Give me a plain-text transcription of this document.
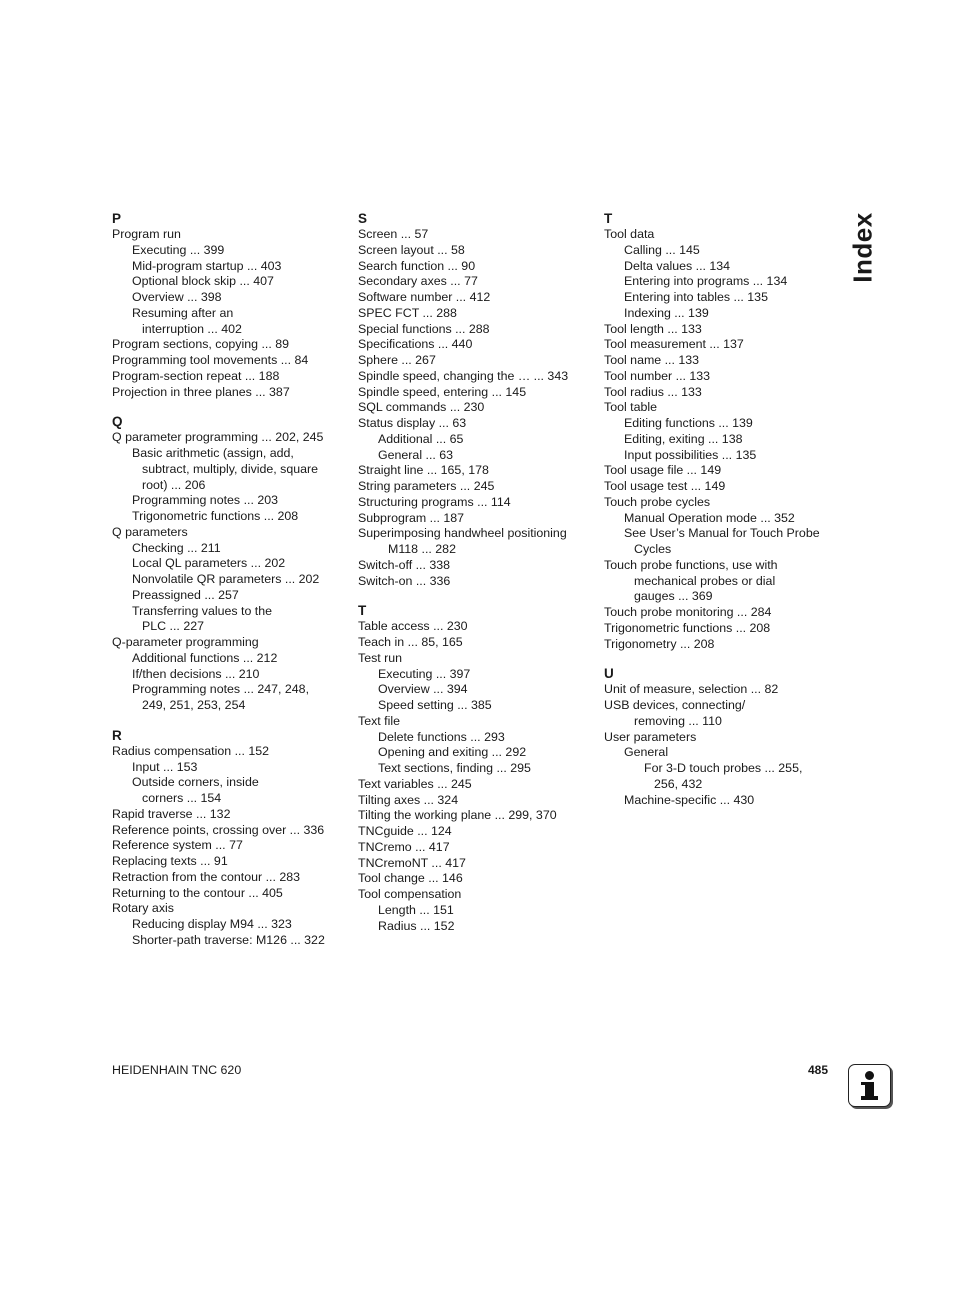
P
Program run
Executing ... 399
Mid-program startup ... 403
Optional block skip ... 407
Overview ... 398
Resuming after an
interruption ... 402
Program sections, copying ... 89
Programming tool movements ... 84
Program-section repeat ... 188
Projection in three planes ... 387
Q
Q parameter programming ... 202, 245
Basic arithmetic (assign, add,
subtract, multiply, divide, square
root) ... 206
Programming notes ... 203
Trigonometric functions ... 208
Q parameters
Checking ... 211
Local QL parameters ... 202
Nonvolatile QR parameters ... 202
Preassigned ... 257
Transferring values to the
PLC ... 227
Q-parameter programming
Additional functions ... 212
If/then decisions ... 210
Programming notes ... 247, 248,
249, 251, 253, 254
R
Radius compensation ... 152
Input ... 153
Outside corners, inside
corners ... 154
Rapid traverse ... 132
Reference points, crossing over ... 336
Reference system ... 77
Replacing texts ... 91
Retraction from the contour ... 283
Returning to the contour ... 405
Rotary axis
Reducing display M94 ... 323
Shorter-path traverse: M126 ... 322
S
Screen ... 57
Screen layout ... 58
Search function ... 90
Secondary axes ... 77
Software number ... 412
SPEC FCT ... 288
Special functions ... 288
Specifications ... 440
Sphere ... 267
Spindle speed, changing the … ... 343
Spindle speed, entering ... 145
SQL commands ... 230
Status display ... 63
Additional ... 65
General ... 63
Straight line ... 165, 178
String parameters ... 245
Structuring programs ... 114
Subprogram ... 187
Superimposing handwheel positioning
M118 ... 282
Switch-off ... 338
Switch-on ... 336
T
Table access ... 230
Teach in ... 85, 165
Test run
Executing ... 397
Overview ... 394
Speed setting ... 385
Text file
Delete functions ... 293
Opening and exiting ... 292
Text sections, finding ... 295
Text variables ... 245
Tilting axes ... 324
Tilting the working plane ... 299, 370
TNCguide ... 124
TNCremo ... 417
TNCremoNT ... 417
Tool change ... 146
Tool compensation
Length ... 151
Radius ... 152
T
Tool data
Calling ... 145
Delta values ... 134
Entering into programs ... 134
Entering into tables ... 135
Indexing ... 139
Tool length ... 133
Tool measurement ... 137
Tool name ... 133
Tool number ... 133
Tool radius ... 133
Tool table
Editing functions ... 139
Editing, exiting ... 138
Input possibilities ... 135
Tool usage file ... 149
Tool usage test ... 149
Touch probe cycles
Manual Operation mode ... 352
See User’s Manual for Touch Probe
Cycles
Touch probe functions, use with
mechanical probes or dial
gauges ... 369
Touch probe monitoring ... 284
Trigonometric functions ... 208
Trigonometry ... 208
U
Unit of measure, selection ... 82
USB devices, connecting/
removing ... 110
User parameters
General
For 3-D touch probes ... 255,
256, 432
Machine-specific ... 430
Index
HEIDENHAIN TNC 620	485
